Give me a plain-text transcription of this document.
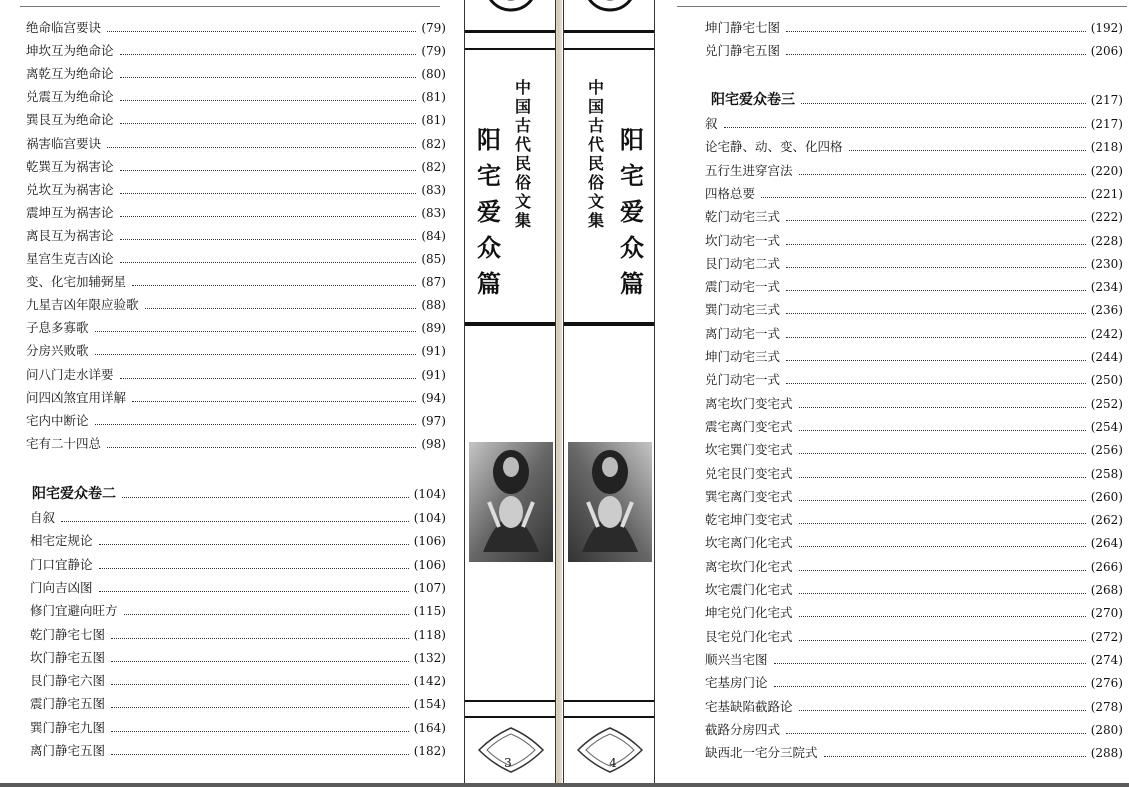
绝命临宫要诀	(79)
坤坎互为绝命论	(79)
离乾互为绝命论	(80)
兑震互为绝命论	(81)
巽艮互为绝命论	(81)
祸害临宫要诀	(82)
乾巽互为祸害论	(82)
兑坎互为祸害论	(83)
震坤互为祸害论	(83)
离艮互为祸害论	(84)
星宫生克吉凶论	(85)
变、化宅加辅弼星	(87)
九星吉凶年限应验歌	(88)
子息多寡歌	(89)
分房兴败歌	(91)
问八门走水详要	(91)
问四凶煞宜用详解	(94)
宅内中断论	(97)
宅有二十四总	(98)
阳宅爱众卷二	(104)
自叙	(104)
相宅定规论	(106)
门口宜静论	(106)
门向吉凶图	(107)
修门宜避向旺方	(115)
乾门静宅七图	(118)
坎门静宅五图	(132)
艮门静宅六图	(142)
震门静宅五图	(154)
巽门静宅九图	(164)
离门静宅五图	(182)
中
国
古
代
民
俗
文
集
阳
宅
爱
众
篇
3
中
国
古
代
民
俗
文
集
阳
宅
爱
众
篇
4
坤门静宅七图	(192)
兑门静宅五图	(206)
阳宅爱众卷三	(217)
叙	(217)
论宅静、动、变、化四格	(218)
五行生进穿宫法	(220)
四格总要	(221)
乾门动宅三式	(222)
坎门动宅一式	(228)
艮门动宅二式	(230)
震门动宅一式	(234)
巽门动宅三式	(236)
离门动宅一式	(242)
坤门动宅三式	(244)
兑门动宅一式	(250)
离宅坎门变宅式	(252)
震宅离门变宅式	(254)
坎宅巽门变宅式	(256)
兑宅艮门变宅式	(258)
巽宅离门变宅式	(260)
乾宅坤门变宅式	(262)
坎宅离门化宅式	(264)
离宅坎门化宅式	(266)
坎宅震门化宅式	(268)
坤宅兑门化宅式	(270)
艮宅兑门化宅式	(272)
顺兴当宅图	(274)
宅基房门论	(276)
宅基缺陷截路论	(278)
截路分房四式	(280)
缺西北一宅分三院式	(288)
